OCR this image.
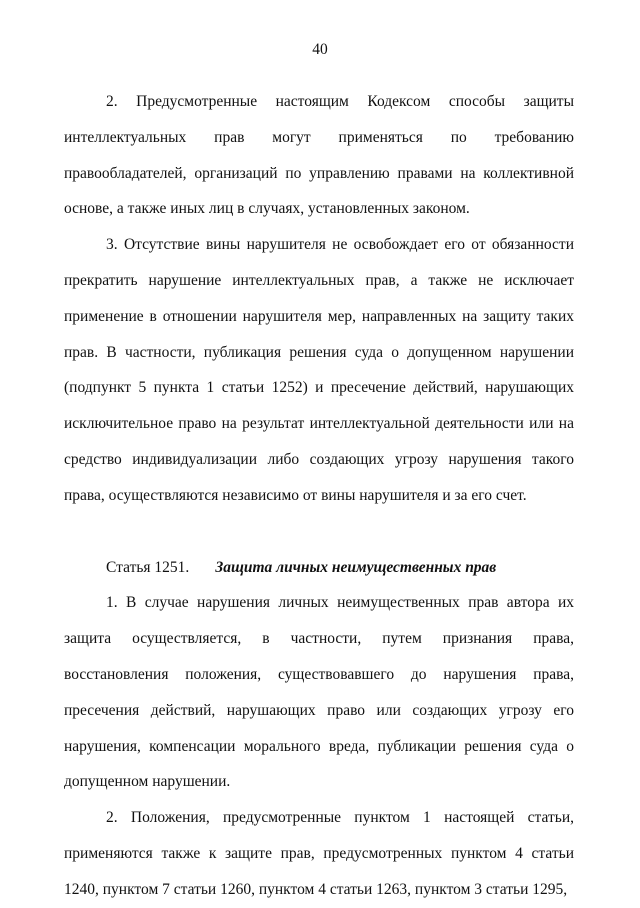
40

2. Предусмотренные настоящим Кодексом способы защиты интеллектуальных прав могут применяться по требованию правообладателей, организаций по управлению правами на коллективной основе, а также иных лиц в случаях, установленных законом.

3. Отсутствие вины нарушителя не освобождает его от обязанности прекратить нарушение интеллектуальных прав, а также не исключает применение в отношении нарушителя мер, направленных на защиту таких прав. В частности, публикация решения суда о допущенном нарушении (подпункт 5 пункта 1 статьи 1252) и пресечение действий, нарушающих исключительное право на результат интеллектуальной деятельности или на средство индивидуализации либо создающих угрозу нарушения такого права, осуществляются независимо от вины нарушителя и за его счет.

Статья 1251. Защита личных неимущественных прав

1. В случае нарушения личных неимущественных прав автора их защита осуществляется, в частности, путем признания права, восстановления положения, существовавшего до нарушения права, пресечения действий, нарушающих право или создающих угрозу его нарушения, компенсации морального вреда, публикации решения суда о допущенном нарушении.

2. Положения, предусмотренные пунктом 1 настоящей статьи, применяются также к защите прав, предусмотренных пунктом 4 статьи 1240, пунктом 7 статьи 1260, пунктом 4 статьи 1263, пунктом 3 статьи 1295,
